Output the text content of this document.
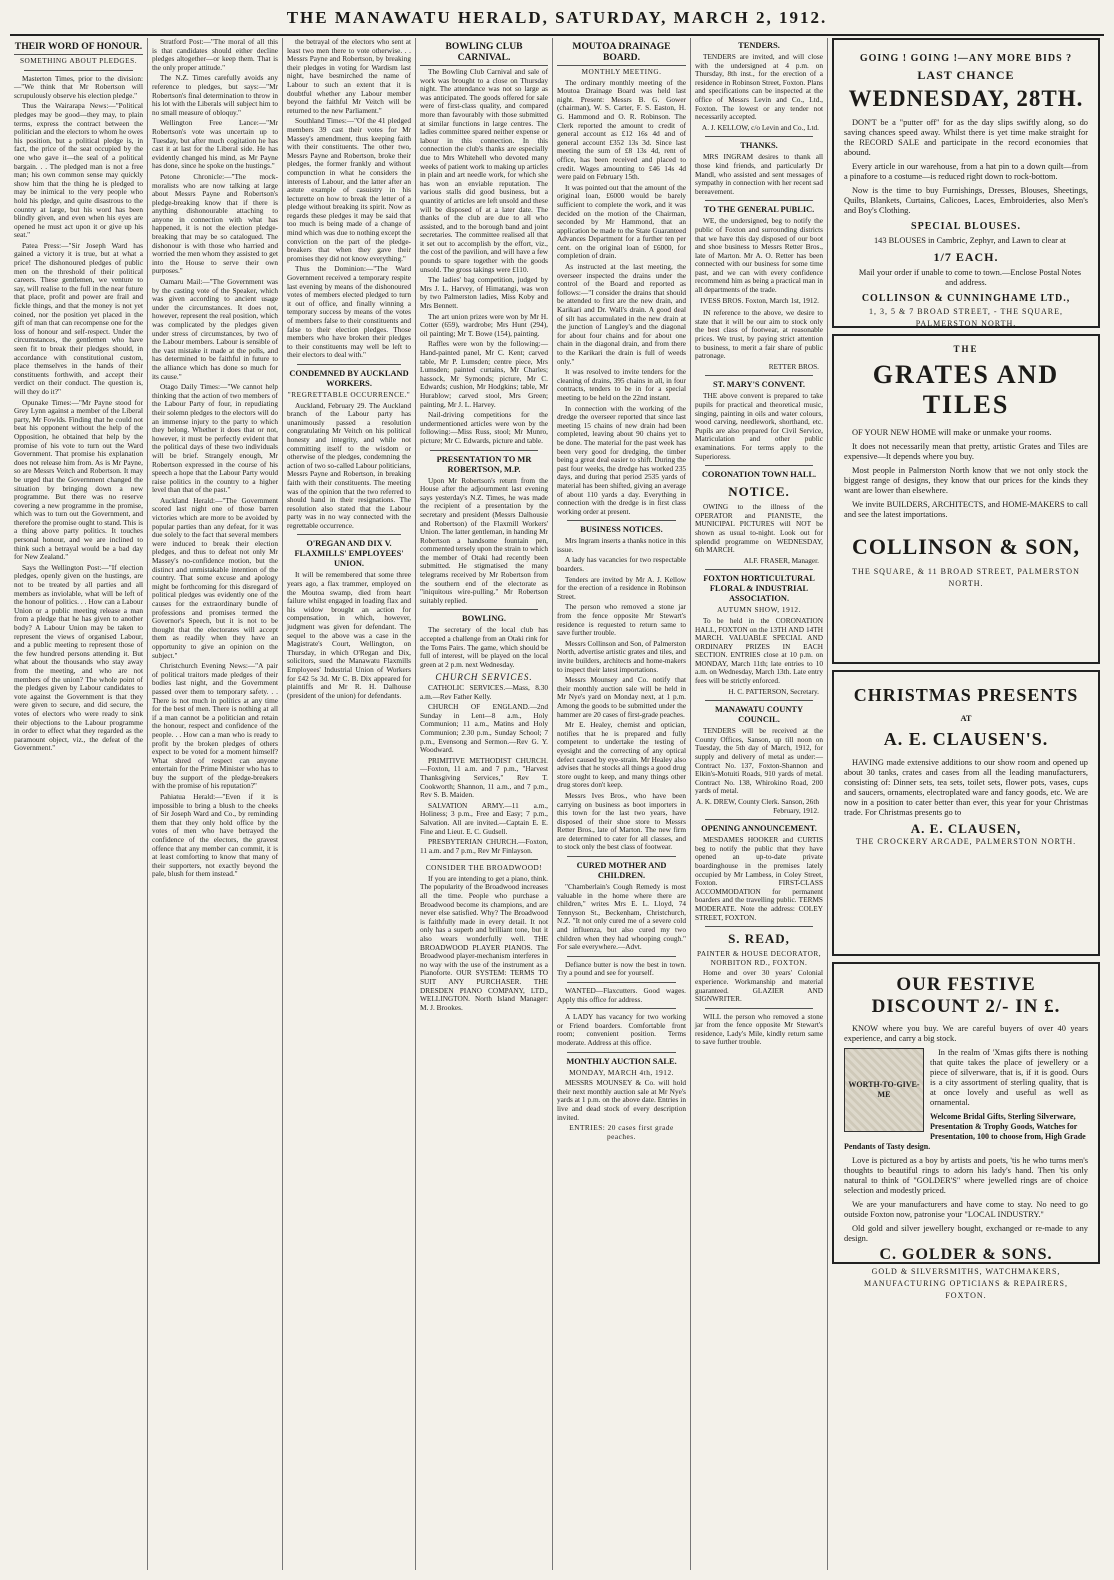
THE MANAWATU HERALD, SATURDAY, MARCH 2, 1912.
THEIR WORD OF HONOUR.
SOMETHING ABOUT PLEDGES.

Masterton Times, prior to the division:—"We think that Mr Robertson will scrupulously observe his election pledge."

Thus the Wairarapa News:—"Political pledges may be good—they may, to plain terms, express the contract between the politician and the electors to whom he owes his position, but a political pledge is, in fact, the price of the seat occupied by the one who gave it—the seal of a political bargain. . . The pledged man is not a free man; his own common sense may quickly show him that the thing he is pledged to may be inimical to the very people who hold his pledge, and quite disastrous to the country at large, but his word has been blindly given, and even when his eyes are opened he must act upon it or give up his seat."

Patea Press:—"Sir Joseph Ward has gained a victory it is true, but at what a price! The dishonoured pledges of public men on the threshold of their political careers. These gentlemen, we venture to say, will realise to the full in the near future that place, profit and power are frail and fickle things, and that the money is not yet coined, nor the position yet placed in the gift of man that can recompense one for the loss of honour and self-respect. Under the circumstances, the gentlemen who have seen fit to break their pledges should, in accordance with constitutional custom, place themselves in the hands of their constituents forthwith, and accept their verdict on their conduct. The question is, will they do it?"

Opunake Times:—"Mr Payne stood for Grey Lynn against a member of the Liberal party, Mr Fowlds. Finding that he could not beat his opponent without the help of the Opposition, he obtained that help by the promise of his vote to turn out the Ward Government. That promise his explanation does not release him from. As is Mr Payne, so are Messrs Veitch and Robertson. It may be urged that the Government changed the situation by bringing down a new programme. But there was no reserve covering a new programme in the promise, which was to turn out the Government, and therefore the promise ought to stand. This is a thing above party politics. It touches personal honour, and we are inclined to think such a betrayal would be a bad day for New Zealand."

Says the Wellington Post:—"If election pledges, openly given on the hustings, are not to be treated by all parties and all members as inviolable, what will be left of the honour of politics. . . How can a Labour Union or a public meeting release a man from a pledge that he has given to another body? A Labour Union may be taken to represent the views of organised Labour, and a public meeting to represent those of the few hundred persons attending it. But what about the thousands who stay away from the meeting, and who are not members of the union? The whole point of the pledges given by Labour candidates to vote against the Government is that they were given to secure, and did secure, the votes of electors who were ready to sink their objections to the Labour programme in order to effect what they regarded as the paramount object, viz., the defeat of the Government."

Stratford Post:—"The moral of all this is that candidates should either decline pledges altogether—or keep them. That is the only proper attitude."

The N.Z. Times carefully avoids any reference to pledges, but says:—"Mr Robertson's final determination to throw in his lot with the Liberals will subject him to no small measure of obloquy."

Wellington Free Lance:—"Mr Robertson's vote was uncertain up to Tuesday, but after much cogitation he has cast it at last for the Liberal side. He has evidently changed his mind, as Mr Payne has done, since he spoke on the hustings."

Petone Chronicle:—"The mock-moralists who are now talking at large about Messrs Payne and Robertson's pledge-breaking know that if there is anything dishonourable attaching to anyone in connection with what has happened, it is not the election pledge-breaking that may be so catalogued. The dishonour is with those who harried and worried the men whom they assisted to get into the House to serve their own purposes."

Oamaru Mail:—"The Government was by the casting vote of the Speaker, which was given according to ancient usage under the circumstances. It does not, however, represent the real position, which was complicated by the pledges given under stress of circumstances, by two of the Labour members. Labour is sensible of the vast mistake it made at the polls, and has determined to be faithful in future to the alliance which has done so much for its cause."

Otago Daily Times:—"We cannot help thinking that the action of two members of the Labour Party of four, in repudiating their solemn pledges to the electors will do an immense injury to the party to which they belong. Whether it does that or not, however, it must be perfectly evident that the political days of these two individuals will be brief. Strangely enough, Mr Robertson expressed in the course of his speech a hope that the Labour Party would raise politics in the country to a higher level than that of the past."

Auckland Herald:—"The Government scored last night one of those barren victories which are more to be avoided by popular parties than any defeat, for it was due solely to the fact that several members were induced to break their election pledges, and thus to defeat not only Mr Massey's no-confidence motion, but the distinct and unmistakable intention of the country. That some excuse and apology might be forthcoming for this disregard of political pledges was evidently one of the causes for the extraordinary bundle of professions and promises termed the Governor's Speech, but it is not to be thought that the electorates will accept them as readily when they have an opportunity to give an opinion on the subject."

Christchurch Evening News:—"A pair of political traitors made pledges of their bodies last night, and the Government passed over them to temporary safety. . . There is not much in politics at any time for the best of men. There is nothing at all if a man cannot be a politician and retain the honour, respect and confidence of the people. . . How can a man who is ready to profit by the broken pledges of others expect to be voted for a moment himself? What shred of respect can anyone entertain for the Prime Minister who has to buy the support of the pledge-breakers with the promise of his reputation?"

Pahiatua Herald:—"Even if it is impossible to bring a blush to the cheeks of Sir Joseph Ward and Co., by reminding them that they only hold office by the votes of men who have betrayed the confidence of the electors, the gravest offence that any member can commit, it is at least comforting to know that many of their supporters, not exactly beyond the pale, blush for them instead."

the betrayal of the electors who sent at least two men there to vote otherwise. . . Messrs Payne and Robertson, by breaking their pledges in voting for Wardism last night, have besmirched the name of Labour to such an extent that it is doubtful whether any Labour member beyond the faithful Mr Veitch will be returned to the new Parliament."

Southland Times:—"Of the 41 pledged members 39 cast their votes for Mr Massey's amendment, thus keeping faith with their constituents. The other two, Messrs Payne and Robertson, broke their pledges, the former frankly and without compunction in what he considers the interests of Labour, and the latter after an astute example of casuistry in his lecturette on how to break the letter of a pledge without breaking its spirit. Now as regards these pledges it may be said that too much is being made of a change of mind which was due to nothing except the conviction on the part of the pledge-breakers that when they gave their promises they did not know everything."

Thus the Dominion:—"The Ward Government received a temporary respite last evening by means of the dishonoured votes of members elected pledged to turn it out of office, and finally winning a temporary success by means of the votes of members false to their constituents and false to their election pledges. Those members who have broken their pledges to their constituents may well be left to their electors to deal with."

CONDEMNED BY AUCKLAND WORKERS.
"REGRETTABLE OCCURRENCE."

Auckland, February 29. The Auckland branch of the Labour party has unanimously passed a resolution congratulating Mr Veitch on his political honesty and integrity, and while not committing itself to the wisdom or otherwise of the pledges, condemning the action of two so-called Labour politicians, Messrs Payne and Robertson, in breaking faith with their constituents. The meeting was of the opinion that the two referred to should hand in their resignations. The resolution also stated that the Labour party was in no way connected with the regrettable occurrence.

O'REGAN AND DIX V. FLAXMILLS' EMPLOYEES' UNION.

It will be remembered that some three years ago, a flax trammer, employed on the Moutoa swamp, died from heart failure whilst engaged in loading flax and his widow brought an action for compensation, in which, however, judgment was given for defendant. The sequel to the above was a case in the Magistrate's Court, Wellington, on Thursday, in which O'Regan and Dix, solicitors, sued the Manawatu Flaxmills Employees' Industrial Union of Workers for £42 5s 3d. Mr C. B. Dix appeared for plaintiffs and Mr R. H. Dalhouse (president of the union) for defendants.

BOWLING CLUB CARNIVAL.

The Bowling Club Carnival and sale of work was brought to a close on Thursday night. The attendance was not so large as was anticipated. The goods offered for sale were of first-class quality, and compared more than favourably with those submitted at similar functions in large centres. The ladies committee spared neither expense or labour in this connection. In this connection the club's thanks are especially due to Mrs Whitehell who devoted many weeks of patient work to making up articles in plain and art needle work, for which she has won an enviable reputation. The various stalls did good business, but a quantity of articles are left unsold and these will be disposed of at a later date. The thanks of the club are due to all who assisted, and to the borough band and joint secretaries. The committee realised all that it set out to accomplish by the effort, viz., the cost of the pavilion, and will have a few pounds to spare together with the goods unsold. The gross takings were £110.

The ladies' bag competition, judged by Mrs J. L. Harvey, of Himatangi, was won by two Palmerston ladies, Miss Koby and Mrs Bennett.

The art union prizes were won by Mr H. Cotter (659), wardrobe; Mrs Hunt (294), oil painting; Mr T. Bowe (154), painting.

Raffles were won by the following:—Hand-painted panel, Mr C. Kent; carved table, Mr P. Lumsden; centre piece, Mrs Lumsden; painted curtains, Mr Charles; hassock, Mr Symonds; picture, Mr C. Edwards; cushion, Mr Hodgkins; table, Mr Hurablow; carved stool, Mrs Green; painting, Mr J. L. Harvey.

Nail-driving competitions for the undermentioned articles were won by the following:—Miss Russ, stool; Mr Munro, picture; Mr C. Edwards, picture and table.

PRESENTATION TO MR ROBERTSON, M.P.

Upon Mr Robertson's return from the House after the adjournment last evening says yesterday's N.Z. Times, he was made the recipient of a presentation by the secretary and president (Messrs Dalhousie and Robertson) of the Flaxmill Workers' Union. The latter gentleman, in handing Mr Robertson a handsome fountain pen, commented tersely upon the strain to which the member of Otaki had recently been submitted. He stigmatised the many telegrams received by Mr Robertson from the southern end of the electorate as "iniquitous wire-pulling." Mr Robertson suitably replied.

BOWLING.

The secretary of the local club has accepted a challenge from an Otaki rink for the Toms Pairs. The game, which should be full of interest, will be played on the local green at 2 p.m. next Wednesday.

CHURCH SERVICES.

CATHOLIC SERVICES.—Mass, 8.30 a.m.—Rev Father Kelly.

CHURCH OF ENGLAND.—2nd Sunday in Lent—8 a.m., Holy Communion; 11 a.m., Matins and Holy Communion; 2.30 p.m., Sunday School; 7 p.m., Evensong and Sermon.—Rev G. Y. Woodward.

PRIMITIVE METHODIST CHURCH.—Foxton, 11 a.m. and 7 p.m., "Harvest Thanksgiving Services," Rev T. Cookworth; Shannon, 11 a.m., and 7 p.m., Rev S. B. Maiden.

SALVATION ARMY.—11 a.m., Holiness; 3 p.m., Free and Easy; 7 p.m., Salvation. All are invited.—Captain E. E. Fine and Lieut. E. C. Gudsell.

PRESBYTERIAN CHURCH.—Foxton, 11 a.m. and 7 p.m., Rev Mr Finlayson.

CONSIDER THE BROADWOOD!

If you are intending to get a piano, think. The popularity of the Broadwood increases all the time. People who purchase a Broadwood become its champions, and are never else satisfied. Why? The Broadwood is faithfully made in every detail. It not only has a superb and brilliant tone, but it also wears wonderfully well. THE BROADWOOD PLAYER PIANOS. The Broadwood player-mechanism interferes in no way with the use of the instrument as a Pianoforte. OUR SYSTEM: TERMS TO SUIT ANY PURCHASER. THE DRESDEN PIANO COMPANY, LTD., WELLINGTON. North Island Manager: M. J. Brookes.

MOUTOA DRAINAGE BOARD.
MONTHLY MEETING.

The ordinary monthly meeting of the Moutoa Drainage Board was held last night. Present: Messrs B. G. Gower (chairman), W. S. Carter, F. S. Easton, H. G. Hammond and O. R. Robinson. The Clerk reported the amount to credit of general account as £12 16s 4d and of general account £352 13s 3d. Since last meeting the sum of £8 13s 4d, rent of office, has been received and placed to credit. Wages amounting to £46 14s 4d were paid on February 15th.

It was pointed out that the amount of the original loan, £6000 would be barely sufficient to complete the work, and it was decided on the motion of the Chairman, seconded by Mr Hammond, that an application be made to the State Guaranteed Advances Department for a further ten per cent. on the original loan of £6000, for completion of drain.

As instructed at the last meeting, the overseer inspected the drains under the control of the Board and reported as follows:—"I consider the drains that should be attended to first are the new drain, and Karikari and Dr. Wall's drain. A good deal of silt has accumulated in the new drain at the junction of Langley's and the diagonal for about four chains and for about one chain in the diagonal drain, and from there to the Karikari the drain is full of weeds only."

It was resolved to invite tenders for the cleaning of drains, 395 chains in all, in four contracts, tenders to be in for a special meeting to be held on the 22nd instant.

In connection with the working of the dredge the overseer reported that since last meeting 15 chains of new drain had been completed, leaving about 90 chains yet to be done. The material for the past week has been very good for dredging, the timber being a great deal easier to shift. During the past four weeks, the dredge has worked 235 days, and during that period 2535 yards of material has been shifted, giving an average of about 110 yards a day. Everything in connection with the dredge is in first class working order at present.

BUSINESS NOTICES.

Mrs Ingram inserts a thanks notice in this issue.

A lady has vacancies for two respectable boarders.

Tenders are invited by Mr A. J. Kellow for the erection of a residence in Robinson Street.

The person who removed a stone jar from the fence opposite Mr Stewart's residence is requested to return same to save further trouble.

Messrs Collinson and Son, of Palmerston North, advertise artistic grates and tiles, and invite builders, architects and home-makers to inspect their latest importations.

Messrs Mounsey and Co. notify that their monthly auction sale will be held in Mr Nye's yard on Monday next, at 1 p.m. Among the goods to be submitted under the hammer are 20 cases of first-grade peaches.

Mr E. Healey, chemist and optician, notifies that he is prepared and fully competent to undertake the testing of eyesight and the correcting of any optical defect caused by eye-strain. Mr Healey also advises that he stocks all things a good drug store ought to keep, and many things other drug stores don't keep.

Messrs Ives Bros., who have been carrying on business as boot importers in this town for the last two years, have disposed of their shoe store to Messrs Retter Bros., late of Marton. The new firm are determined to cater for all classes, and to stock only the best class of footwear.

CURED MOTHER AND CHILDREN.

"Chamberlain's Cough Remedy is most valuable in the home where there are children," writes Mrs E. L. Lloyd, 74 Tennyson St., Beckenham, Christchurch, N.Z. "It not only cured me of a severe cold and influenza, but also cured my two children when they had whooping cough." For sale everywhere.—Advt.

Defiance butter is now the best in town. Try a pound and see for yourself.

WANTED—Flaxcutters. Good wages. Apply this office for address.

A LADY has vacancy for two working or Friend boarders. Comfortable front room; convenient position. Terms moderate. Address at this office.

MONTHLY AUCTION SALE.
MONDAY, MARCH 4th, 1912.

MESSRS MOUNSEY & Co. will hold their next monthly auction sale at Mr Nye's yards at 1 p.m. on the above date. Entries in live and dead stock of every description invited.

ENTRIES: 20 cases first grade peaches.
TENDERS.

TENDERS are invited, and will close with the undersigned at 4 p.m. on Thursday, 8th inst., for the erection of a residence in Robinson Street, Foxton. Plans and specifications can be inspected at the office of Messrs Levin and Co., Ltd., Foxton. The lowest or any tender not necessarily accepted.

A. J. KELLOW, c/o Levin and Co., Ltd.
THANKS.

MRS INGRAM desires to thank all those kind friends, and particularly Dr Mandl, who assisted and sent messages of sympathy in connection with her recent sad bereavement.

TO THE GENERAL PUBLIC.

WE, the undersigned, beg to notify the public of Foxton and surrounding districts that we have this day disposed of our boot and shoe business to Messrs Retter Bros., late of Marton. Mr A. O. Retter has been connected with our business for some time past, and we can with every confidence recommend him as being a practical man in all departments of the trade.

IVESS BROS. Foxton, March 1st, 1912.

IN reference to the above, we desire to state that it will be our aim to stock only the best class of footwear, at reasonable prices. We trust, by paying strict attention to business, to merit a fair share of public patronage.

RETTER BROS.
ST. MARY'S CONVENT.

THE above convent is prepared to take pupils for practical and theoretical music, singing, painting in oils and water colours, wood carving, needlework, shorthand, etc. Pupils are also prepared for Civil Service, Matriculation and other public examinations. For terms apply to the Superioress.

CORONATION TOWN HALL.
NOTICE.

OWING to the illness of the OPERATOR and PIANISTE, the MUNICIPAL PICTURES will NOT be shown as usual to-night. Look out for splendid programme on WEDNESDAY, 6th MARCH.

ALF. FRASER, Manager.
FOXTON HORTICULTURAL FLORAL & INDUSTRIAL ASSOCIATION.
AUTUMN SHOW, 1912.

To be held in the CORONATION HALL, FOXTON on the 13TH AND 14TH MARCH. VALUABLE SPECIAL AND ORDINARY PRIZES IN EACH SECTION. ENTRIES close at 10 p.m. on MONDAY, March 11th; late entries to 10 a.m. on Wednesday, March 13th. Late entry fees will be strictly enforced.

H. C. PATTERSON, Secretary.
MANAWATU COUNTY COUNCIL.

TENDERS will be received at the County Offices, Sanson, up till noon on Tuesday, the 5th day of March, 1912, for supply and delivery of metal as under:—Contract No. 137, Foxton-Shannon and Elkin's-Motuiti Roads, 910 yards of metal. Contract No. 138, Whirokino Road, 200 yards of metal.

A. K. DREW, County Clerk. Sanson, 26th February, 1912.
OPENING ANNOUNCEMENT.

MESDAMES HOOKER and CURTIS beg to notify the public that they have opened an up-to-date private boardinghouse in the premises lately occupied by Mr Lambess, in Coley Street, Foxton. FIRST-CLASS ACCOMMODATION for permanent boarders and the travelling public. TERMS MODERATE. Note the address: COLEY STREET, FOXTON.

S. READ,
PAINTER & HOUSE DECORATOR, NORBITON RD., FOXTON.

Home and over 30 years' Colonial experience. Workmanship and material guaranteed. GLAZIER AND SIGNWRITER.

WILL the person who removed a stone jar from the fence opposite Mr Stewart's residence, Lady's Mile, kindly return same to save further trouble.

GOING ! GOING !—ANY MORE BIDS ?
LAST CHANCE
WEDNESDAY, 28TH.

DON'T be a "putter off" for as the day slips swiftly along, so do saving chances speed away. Whilst there is yet time make straight for the RECORD SALE and participate in the record economies that abound.

Every article in our warehouse, from a hat pin to a down quilt—from a pinafore to a costume—is reduced right down to rock-bottom.

Now is the time to buy Furnishings, Dresses, Blouses, Sheetings, Quilts, Blankets, Curtains, Calicoes, Laces, Embroideries, also Men's and Boy's Clothing.

SPECIAL BLOUSES.

143 BLOUSES in Cambric, Zephyr, and Lawn to clear at

1/7 EACH.

Mail your order if unable to come to town.—Enclose Postal Notes and address.

COLLINSON & CUNNINGHAME LTD.,
1, 3, 5 & 7 BROAD STREET, - THE SQUARE, PALMERSTON NORTH.
THE
GRATES AND TILES

OF YOUR NEW HOME will make or unmake your rooms.

It does not necessarily mean that pretty, artistic Grates and Tiles are expensive—It depends where you buy.

Most people in Palmerston North know that we not only stock the biggest range of designs, they know that our prices for the kinds they want are lower than elsewhere.

We invite BUILDERS, ARCHITECTS, and HOME-MAKERS to call and see the latest importations.

COLLINSON & SON,
THE SQUARE, & 11 BROAD STREET, PALMERSTON NORTH.
CHRISTMAS PRESENTS
AT
A. E. CLAUSEN'S.

HAVING made extensive additions to our show room and opened up about 30 tanks, crates and cases from all the leading manufacturers, consisting of: Dinner sets, tea sets, toilet sets, flower pots, vases, cups and saucers, ornaments, electroplated ware and fancy goods, etc. We are now in a position to cater better than ever, this year for your Christmas trade. For Christmas presents go to

A. E. CLAUSEN,
THE CROCKERY ARCADE, PALMERSTON NORTH.
OUR FESTIVE DISCOUNT 2/- IN £.

KNOW where you buy. We are careful buyers of over 40 years experience, and carry a big stock.

WORTH-TO-GIVE-ME

In the realm of 'Xmas gifts there is nothing that quite takes the place of jewellery or a piece of silverware, that is, if it is good. Ours is a city assortment of sterling quality, that is at once lovely and useful as well as ornamental.

Welcome Bridal Gifts, Sterling Silverware, Presentation & Trophy Goods, Watches for Presentation, 100 to choose from, High Grade Pendants of Tasty design.

Love is pictured as a boy by artists and poets, 'tis he who turns men's thoughts to beautiful rings to adorn his lady's hand. Then 'tis only natural to think of "GOLDER'S" where jewelled rings are of choice selection and modestly priced.

We are your manufacturers and have come to stay. No need to go outside Foxton now, patronise your "LOCAL INDUSTRY."

Old gold and silver jewellery bought, exchanged or re-made to any design.

C. GOLDER & SONS.
GOLD & SILVERSMITHS, WATCHMAKERS, MANUFACTURING OPTICIANS & REPAIRERS, FOXTON.
